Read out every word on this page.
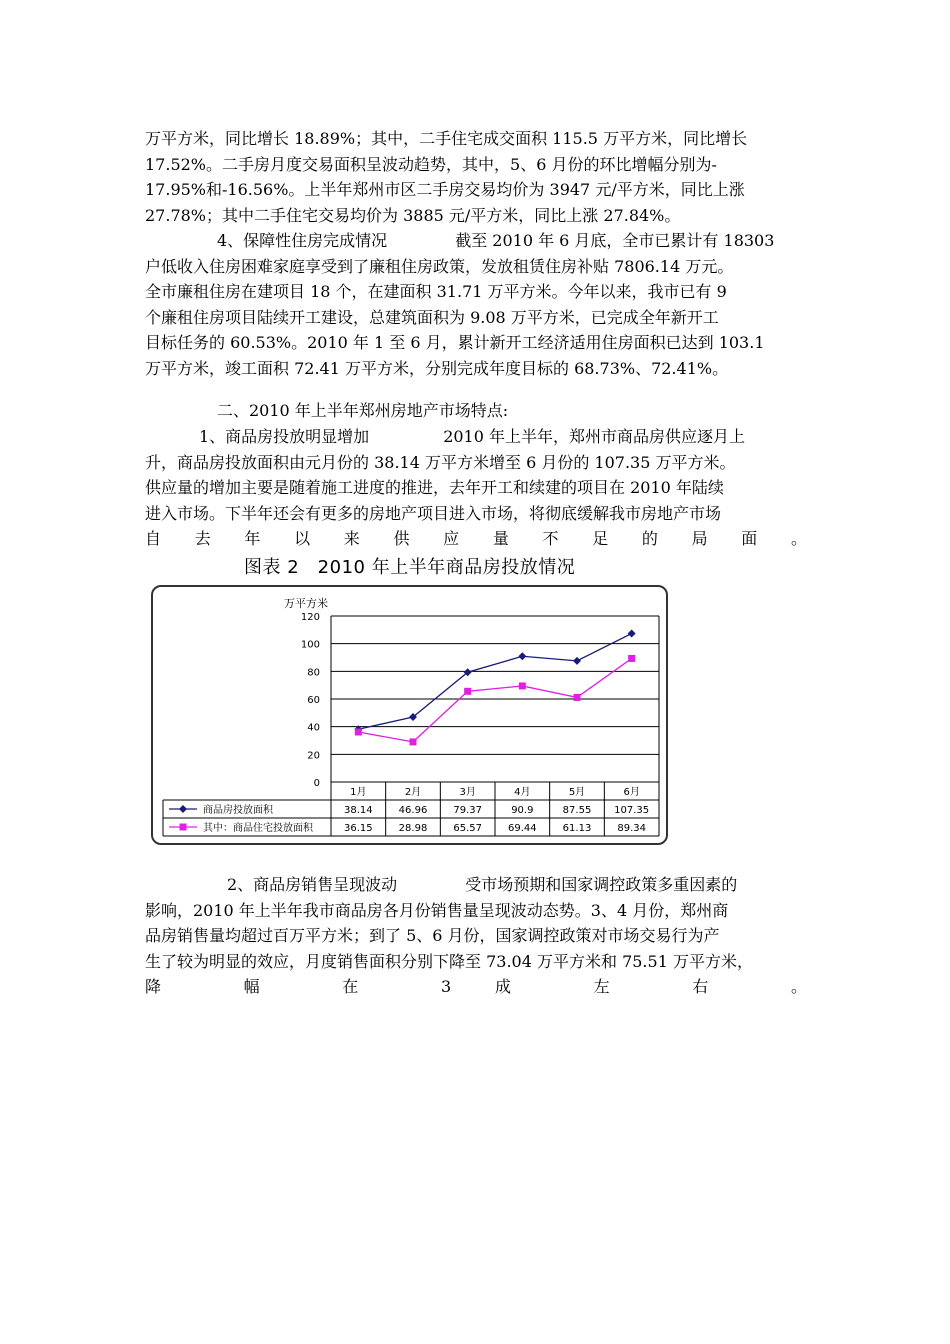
万平方米，同比增长 18.89%；其中，二手住宅成交面积 115.5 万平方米，同比增长
17.52%。二手房月度交易面积呈波动趋势，其中，5、6 月份的环比增幅分别为-
17.95%和-16.56%。上半年郑州市区二手房交易均价为 3947 元/平方米，同比上涨
27.78%；其中二手住宅交易均价为 3885 元/平方米，同比上涨 27.84%。
4、保障性住房完成情况	截至 2010 年 6 月底，全市已累计有 18303
户低收入住房困难家庭享受到了廉租住房政策，发放租赁住房补贴 7806.14 万元。
全市廉租住房在建项目 18 个，在建面积 31.71 万平方米。今年以来，我市已有 9
个廉租住房项目陆续开工建设，总建筑面积为 9.08 万平方米，已完成全年新开工
目标任务的 60.53%。2010 年 1 至 6 月，累计新开工经济适用住房面积已达到 103.1
万平方米，竣工面积 72.41 万平方米，分别完成年度目标的 68.73%、72.41%。
二、2010 年上半年郑州房地产市场特点:
1、商品房投放明显增加	2010 年上半年，郑州市商品房供应逐月上
升，商品房投放面积由元月份的 38.14 万平方米增至 6 月份的 107.35 万平方米。
供应量的增加主要是随着施工进度的推进，去年开工和续建的项目在 2010 年陆续
进入市场。下半年还会有更多的房地产项目进入市场，将彻底缓解我市房地产市场
自 去 年 以 来 供 应 量 不 足 的 局 面 。
图表 2　2010 年上半年商品房投放情况
万平方米
0
20
40
60
80
100
120
1月	2月	3月	4月	5月	6月
商品房投放面积	38.14	46.96	79.37	90.9	87.55 107.35
其中：商品住宅投放面积	36.15	28.98	65.57	69.44	61.13	89.34
2、商品房销售呈现波动	受市场预期和国家调控政策多重因素的
影响，2010 年上半年我市商品房各月份销售量呈现波动态势。3、4 月份，郑州商
品房销售量均超过百万平方米；到了 5、6 月份，国家调控政策对市场交易行为产
生了较为明显的效应，月度销售面积分别下降至 73.04 万平方米和 75.51 万平方米，
降 幅 在 3 成 左 右 。
